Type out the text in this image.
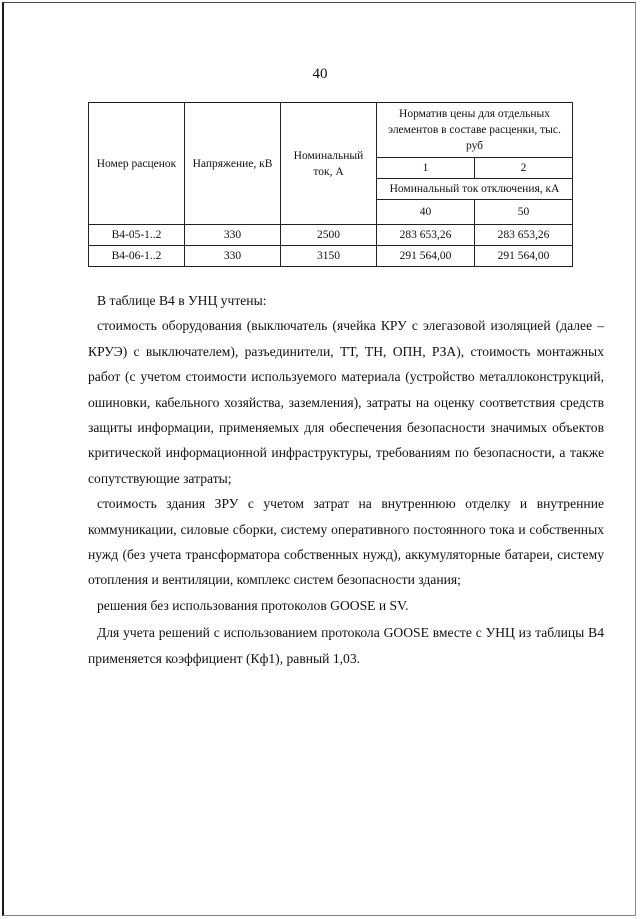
40
Номер расценок	Напряжение, кВ	Номинальный ток, А	Норматив цены для отдельных элементов в составе расценки, тыс. руб	
			1	2
			Номинальный ток отключения, кА	
			40	50
В4-05-1..2	330	2500	283 653,26	283 653,26
В4-06-1..2	330	3150	291 564,00	291 564,00

В таблице В4 в УНЦ учтены:

стоимость оборудования (выключатель (ячейка КРУ с элегазовой изоляцией (далее – КРУЭ) с выключателем), разъединители, ТТ, ТН, ОПН, РЗА), стоимость монтажных работ (с учетом стоимости используемого материала (устройство металлоконструкций, ошиновки, кабельного хозяйства, заземления), затраты на оценку соответствия средств защиты информации, применяемых для обеспечения безопасности значимых объектов критической информационной инфраструктуры, требованиям по безопасности, а также сопутствующие затраты;

стоимость здания ЗРУ с учетом затрат на внутреннюю отделку и внутренние коммуникации, силовые сборки, систему оперативного постоянного тока и собственных нужд (без учета трансформатора собственных нужд), аккумуляторные батареи, систему отопления и вентиляции, комплекс систем безопасности здания;

решения без использования протоколов GOOSE и SV.

Для учета решений с использованием протокола GOOSE вместе с УНЦ из таблицы В4 применяется коэффициент (Кф1), равный 1,03.
